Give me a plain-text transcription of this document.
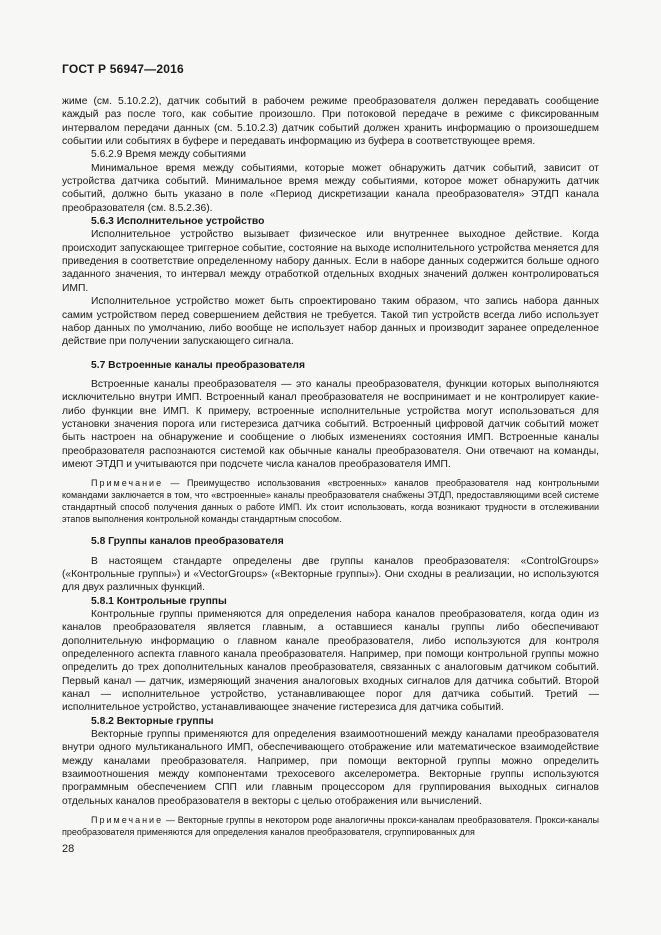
ГОСТ Р 56947—2016

жиме (см. 5.10.2.2), датчик событий в рабочем режиме преобразователя должен передавать сообщение каждый раз после того, как событие произошло. При потоковой передаче в режиме с фиксированным интервалом передачи данных (см. 5.10.2.3) датчик событий должен хранить информацию о произошедшем событии или событиях в буфере и передавать информацию из буфера в соответствующее время.

5.6.2.9 Время между событиями

Минимальное время между событиями, которые может обнаружить датчик событий, зависит от устройства датчика событий. Минимальное время между событиями, которое может обнаружить датчик событий, должно быть указано в поле «Период дискретизации канала преобразователя» ЭТДП канала преобразователя (см. 8.5.2.36).

5.6.3 Исполнительное устройство

Исполнительное устройство вызывает физическое или внутреннее выходное действие. Когда происходит запускающее триггерное событие, состояние на выходе исполнительного устройства меняется для приведения в соответствие определенному набору данных. Если в наборе данных содержится больше одного заданного значения, то интервал между отработкой отдельных входных значений должен контролироваться ИМП.

Исполнительное устройство может быть спроектировано таким образом, что запись набора данных самим устройством перед совершением действия не требуется. Такой тип устройств всегда либо использует набор данных по умолчанию, либо вообще не использует набор данных и производит заранее определенное действие при получении запускающего сигнала.

5.7 Встроенные каналы преобразователя

Встроенные каналы преобразователя — это каналы преобразователя, функции которых выполняются исключительно внутри ИМП. Встроенный канал преобразователя не воспринимает и не контролирует какие-либо функции вне ИМП. К примеру, встроенные исполнительные устройства могут использоваться для установки значения порога или гистерезиса датчика событий. Встроенный цифровой датчик событий может быть настроен на обнаружение и сообщение о любых изменениях состояния ИМП. Встроенные каналы преобразователя распознаются системой как обычные каналы преобразователя. Они отвечают на команды, имеют ЭТДП и учитываются при подсчете числа каналов преобразователя ИМП.

Примечание — Преимущество использования «встроенных» каналов преобразователя над контрольными командами заключается в том, что «встроенные» каналы преобразователя снабжены ЭТДП, предоставляющими всей системе стандартный способ получения данных о работе ИМП. Их стоит использовать, когда возникают трудности в отслеживании этапов выполнения контрольной команды стандартным способом.

5.8 Группы каналов преобразователя

В настоящем стандарте определены две группы каналов преобразователя: «ControlGroups» («Контрольные группы») и «VectorGroups» («Векторные группы»). Они сходны в реализации, но используются для двух различных функций.

5.8.1 Контрольные группы

Контрольные группы применяются для определения набора каналов преобразователя, когда один из каналов преобразователя является главным, а оставшиеся каналы группы либо обеспечивают дополнительную информацию о главном канале преобразователя, либо используются для контроля определенного аспекта главного канала преобразователя. Например, при помощи контрольной группы можно определить до трех дополнительных каналов преобразователя, связанных с аналоговым датчиком событий. Первый канал — датчик, измеряющий значения аналоговых входных сигналов для датчика событий. Второй канал — исполнительное устройство, устанавливающее порог для датчика событий. Третий — исполнительное устройство, устанавливающее значение гистерезиса для датчика событий.

5.8.2 Векторные группы

Векторные группы применяются для определения взаимоотношений между каналами преобразователя внутри одного мультиканального ИМП, обеспечивающего отображение или математическое взаимодействие между каналами преобразователя. Например, при помощи векторной группы можно определить взаимоотношения между компонентами трехосевого акселерометра. Векторные группы используются программным обеспечением СПП или главным процессором для группирования выходных сигналов отдельных каналов преобразователя в векторы с целью отображения или вычислений.

Примечание — Векторные группы в некотором роде аналогичны прокси-каналам преобразователя. Прокси-каналы преобразователя применяются для определения каналов преобразователя, сгруппированных для

28
